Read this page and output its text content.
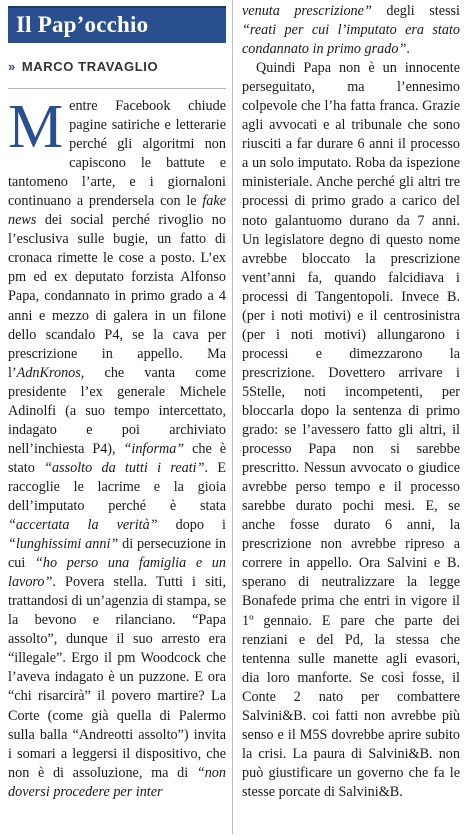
Il Pap’occhio
» MARCO TRAVAGLIO

Mentre Facebook chiude pagine satiriche e letterarie perché gli algoritmi non capiscono le battute e tantomeno l’arte, e i giornaloni continuano a prendersela con le fake news dei social perché rivoglio no l’esclusiva sulle bugie, un fatto di cronaca rimette le cose a posto. L’ex pm ed ex deputato forzista Alfonso Papa, condannato in primo grado a 4 anni e mezzo di galera in un filone dello scandalo P4, se la cava per prescrizione in appello. Ma l’AdnKronos, che vanta come presidente l’ex generale Michele Adinolfi (a suo tempo intercettato, indagato e poi archiviato nell’inchiesta P4), “informa” che è stato “assolto da tutti i reati”. E raccoglie le lacrime e la gioia dell’imputato perché è stata “accertata la verità” dopo i “lunghissimi anni” di persecuzione in cui “ho perso una famiglia e un lavoro”. Povera stella. Tutti i siti, trattandosi di un’agenzia di stampa, se la bevono e rilanciano. “Papa assolto”, dunque il suo arresto era “illegale”. Ergo il pm Woodcock che l’aveva indagato è un puzzone. E ora “chi risarcirà” il povero martire? La Corte (come già quella di Palermo sulla balla “Andreotti assolto”) invita i somari a leggersi il dispositivo, che non è di assoluzione, ma di “non doversi procedere per inter

venuta prescrizione” degli stessi “reati per cui l’imputato era stato condannato in primo grado”.

Quindi Papa non è un innocente perseguitato, ma l’ennesimo colpevole che l’ha fatta franca. Grazie agli avvocati e al tribunale che sono riusciti a far durare 6 anni il processo a un solo imputato. Roba da ispezione ministeriale. Anche perché gli altri tre processi di primo grado a carico del noto galantuomo durano da 7 anni. Un legislatore degno di questo nome avrebbe bloccato la prescrizione vent’anni fa, quando falcidiava i processi di Tangentopoli. Invece B. (per i noti motivi) e il centrosinistra (per i noti motivi) allungarono i processi e dimezzarono la prescrizione. Dovettero arrivare i 5Stelle, noti incompetenti, per bloccarla dopo la sentenza di primo grado: se l’avessero fatto gli altri, il processo Papa non si sarebbe prescritto. Nessun avvocato o giudice avrebbe perso tempo e il processo sarebbe durato pochi mesi. E, se anche fosse durato 6 anni, la prescrizione non avrebbe ripreso a correre in appello. Ora Salvini e B. sperano di neutralizzare la legge Bonafede prima che entri in vigore il 1º gennaio. E pare che parte dei renziani e del Pd, la stessa che tentenna sulle manette agli evasori, dia loro manforte. Se così fosse, il Conte 2 nato per combattere Salvini&B. coi fatti non avrebbe più senso e il M5S dovrebbe aprire subito la crisi. La paura di Salvini&B. non può giustificare un governo che fa le stesse porcate di Salvini&B.
